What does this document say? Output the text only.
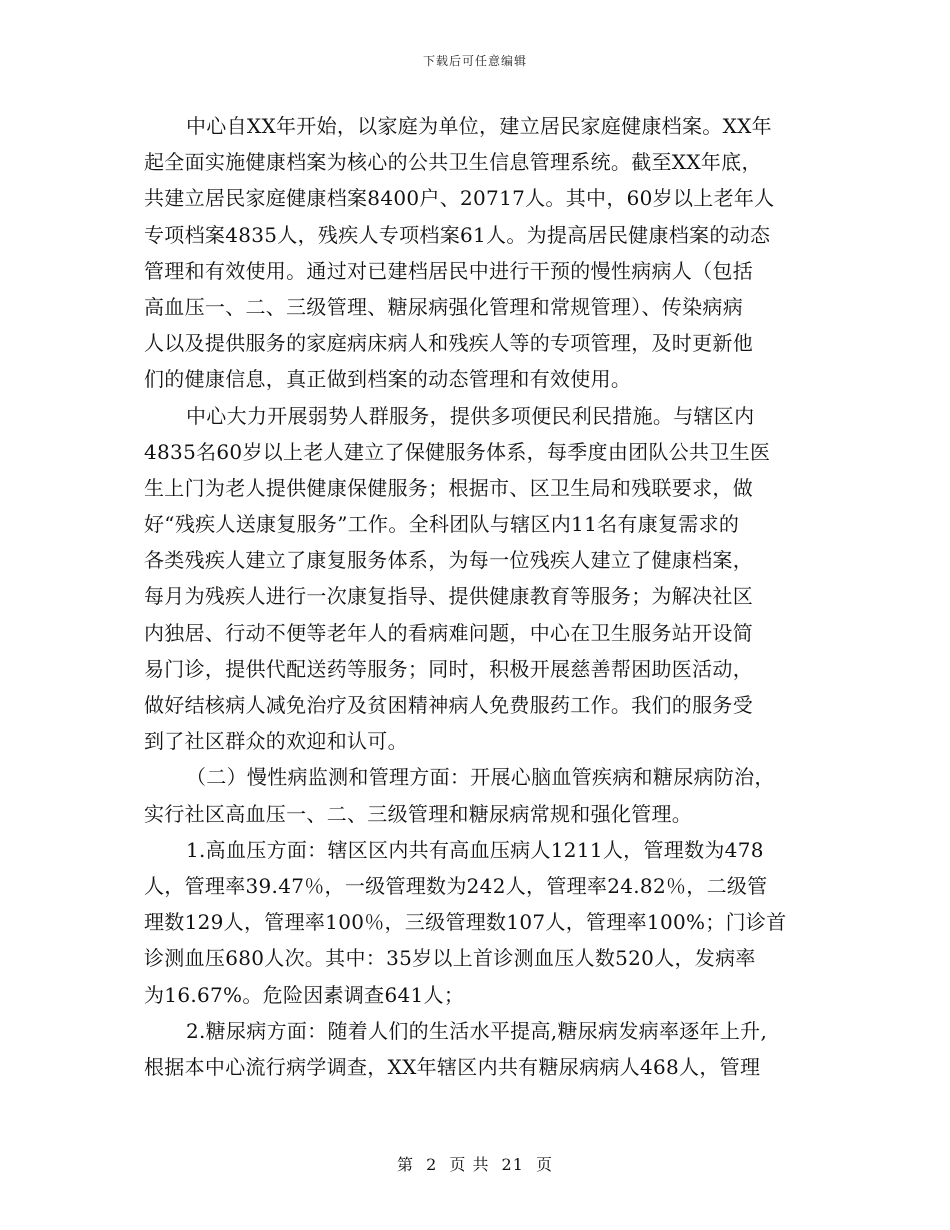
下载后可任意编辑
中心自XX年开始，以家庭为单位，建立居民家庭健康档案。XX年
起全面实施健康档案为核心的公共卫生信息管理系统。截至XX年底，
共建立居民家庭健康档案8400户、20717人。其中，60岁以上老年人
专项档案4835人，残疾人专项档案61人。为提高居民健康档案的动态
管理和有效使用。通过对已建档居民中进行干预的慢性病病人（包括
高血压一、二、三级管理、糖尿病强化管理和常规管理）、传染病病
人以及提供服务的家庭病床病人和残疾人等的专项管理，及时更新他
们的健康信息，真正做到档案的动态管理和有效使用。
中心大力开展弱势人群服务，提供多项便民利民措施。与辖区内
4835名60岁以上老人建立了保健服务体系，每季度由团队公共卫生医
生上门为老人提供健康保健服务；根据市、区卫生局和残联要求，做
好“残疾人送康复服务”工作。全科团队与辖区内11名有康复需求的
各类残疾人建立了康复服务体系，为每一位残疾人建立了健康档案，
每月为残疾人进行一次康复指导、提供健康教育等服务；为解决社区
内独居、行动不便等老年人的看病难问题，中心在卫生服务站开设简
易门诊，提供代配送药等服务；同时，积极开展慈善帮困助医活动，
做好结核病人减免治疗及贫困精神病人免费服药工作。我们的服务受
到了社区群众的欢迎和认可。
（二）慢性病监测和管理方面：开展心脑血管疾病和糖尿病防治，
实行社区高血压一、二、三级管理和糖尿病常规和强化管理。
1.高血压方面：辖区区内共有高血压病人1211人，管理数为478
人，管理率39.47％，一级管理数为242人，管理率24.82％，二级管
理数129人，管理率100％，三级管理数107人，管理率100%；门诊首
诊测血压680人次。其中：35岁以上首诊测血压人数520人，发病率
为16.67%。危险因素调查641人；
2.糖尿病方面：随着人们的生活水平提高,糖尿病发病率逐年上升,
根据本中心流行病学调查，XX年辖区内共有糖尿病病人468人，管理
第 2 页 共 21 页
